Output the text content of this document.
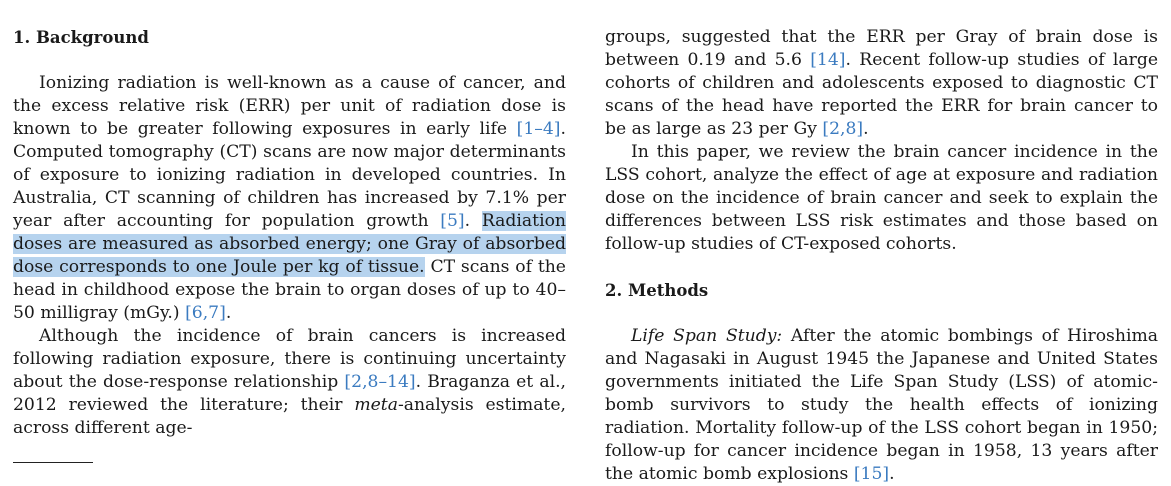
1. Background

Ionizing radiation is well-known as a cause of cancer, and the excess relative risk (ERR) per unit of radiation dose is known to be greater following exposures in early life [1–4]. Computed tomography (CT) scans are now major determinants of exposure to ionizing radiation in developed countries. In Australia, CT scanning of children has increased by 7.1% per year after accounting for population growth [5]. Radiation doses are measured as absorbed energy; one Gray of absorbed dose corresponds to one Joule per kg of tissue. CT scans of the head in childhood expose the brain to organ doses of up to 40–50 milligray (mGy.) [6,7].

Although the incidence of brain cancers is increased following radiation exposure, there is continuing uncertainty about the dose-response relationship [2,8–14]. Braganza et al., 2012 reviewed the literature; their meta-analysis estimate, across different age-

groups, suggested that the ERR per Gray of brain dose is between 0.19 and 5.6 [14]. Recent follow-up studies of large cohorts of children and adolescents exposed to diagnostic CT scans of the head have reported the ERR for brain cancer to be as large as 23 per Gy [2,8].

In this paper, we review the brain cancer incidence in the LSS cohort, analyze the effect of age at exposure and radiation dose on the incidence of brain cancer and seek to explain the differences between LSS risk estimates and those based on follow-up studies of CT-exposed cohorts.

2. Methods

Life Span Study: After the atomic bombings of Hiroshima and Nagasaki in August 1945 the Japanese and United States governments initiated the Life Span Study (LSS) of atomic-bomb survivors to study the health effects of ionizing radiation. Mortality follow-up of the LSS cohort began in 1950; follow-up for cancer incidence began in 1958, 13 years after the atomic bomb explosions [15].
